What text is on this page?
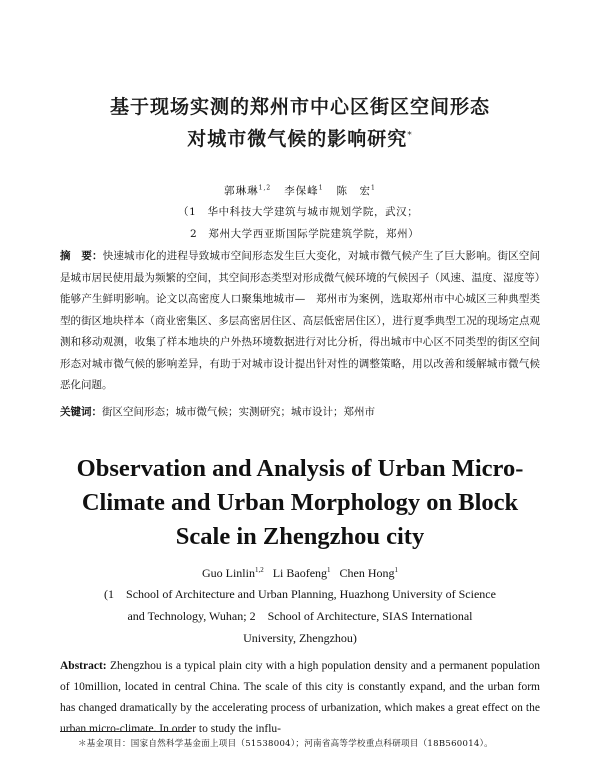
基于现场实测的郑州市中心区街区空间形态
对城市微气候的影响研究*
郭琳琳$^{1,2}$ 李保峰$^1$ 陈　宏$^1$
（1　华中科技大学建筑与城市规划学院，武汉；
2　郑州大学西亚斯国际学院建筑学院，郑州）
摘　要：快速城市化的进程导致城市空间形态发生巨大变化，对城市微气候产生了巨大影响。街区空间是城市居民使用最为频繁的空间，其空间形态类型对形成微气候环境的气候因子（风速、温度、湿度等）能够产生鲜明影响。论文以高密度人口聚集地城市—　郑州市为案例，选取郑州市中心城区三种典型类型的街区地块样本（商业密集区、多层高密居住区、高层低密居住区），进行夏季典型工况的现场定点观测和移动观测，收集了样本地块的户外热环境数据进行对比分析，得出城市中心区不同类型的街区空间形态对城市微气候的影响差异，有助于对城市设计提出针对性的调整策略，用以改善和缓解城市微气候恶化问题。
关键词：街区空间形态；城市微气候；实测研究；城市设计；郑州市
Observation and Analysis of Urban Micro-
Climate and Urban Morphology on Block
Scale in Zhengzhou city
Guo Linlin$^{1,2}$ Li Baofeng$^1$ Chen Hong$^1$
(1　School of Architecture and Urban Planning, Huazhong University of Science
and Technology, Wuhan; 2　School of Architecture, SIAS International
University, Zhengzhou)
Abstract: Zhengzhou is a typical plain city with a high population density and a permanent population of 10million, located in central China. The scale of this city is constantly expand, and the urban form has changed dramatically by the accelerating process of urbanization, which makes a great effect on the urban micro-climate. In order to study the influ-
＊基金项目：国家自然科学基金面上项目（51538004）；河南省高等学校重点科研项目（18B560014）。
